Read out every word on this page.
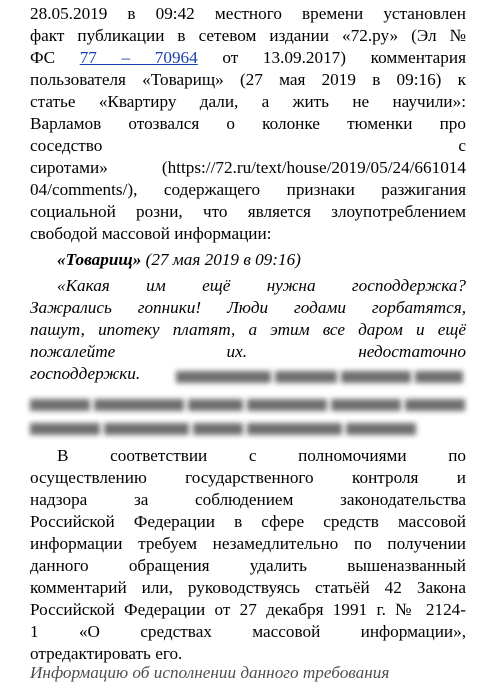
28.05.2019 в 09:42 местного времени установлен
факт публикации в сетевом издании «72.ру» (Эл №
ФС 77 – 70964 от 13.09.2017) комментария
пользователя «Товарищ» (27 мая 2019 в 09:16) к
статье «Квартиру дали, а жить не научили»:
Варламов отозвался о колонке тюменки про
соседство	с
сиротами» (https://72.ru/text/house/2019/05/24/661014
04/comments/), содержащего признаки разжигания
социальной розни, что является злоупотреблением
свободой массовой информации:
«Товарищ» (27 мая 2019 в 09:16)
«Какая им ещё нужна господдержка?
Зажрались гопники! Люди годами горбатятся,
пашут, ипотеку платят, а этим все даром и ещё
пожалейте их. недостаточно
господдержки.
В соответствии с полномочиями по
осуществлению государственного контроля и
надзора за соблюдением законодательства
Российской Федерации в сфере средств массовой
информации требуем незамедлительно по получении
данного обращения удалить вышеназванный
комментарий или, руководствуясь статьёй 42 Закона
Российской Федерации от 27 декабря 1991 г. № 2124-
1 «О средствах массовой информации»,
отредактировать его.
Информацию об исполнении данного требования
